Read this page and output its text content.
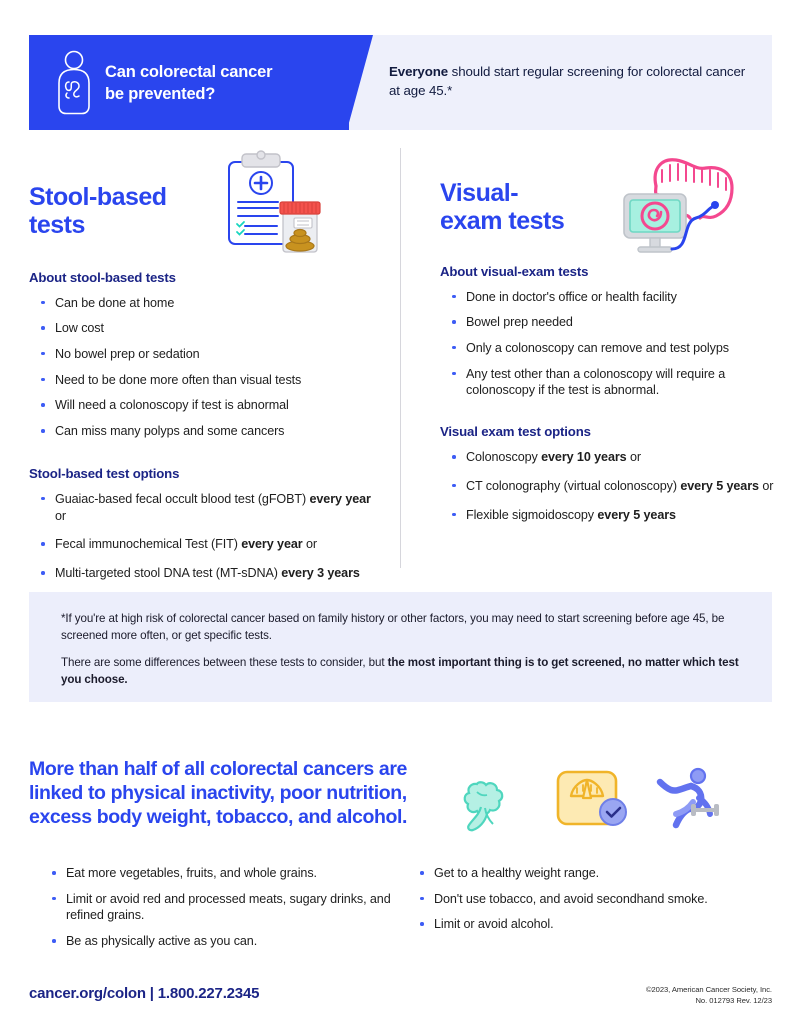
Can colorectal cancer
be prevented?
Everyone should start regular screening for colorectal cancer at age 45.*
Stool-based
tests
About stool-based tests
Can be done at home
Low cost
No bowel prep or sedation
Need to be done more often than visual tests
Will need a colonoscopy if test is abnormal
Can miss many polyps and some cancers
Stool-based test options
Guaiac-based fecal occult blood test (gFOBT) every year or
Fecal immunochemical Test (FIT) every year or
Multi-targeted stool DNA test (MT-sDNA) every 3 years
Visual-
exam tests
About visual-exam tests
Done in doctor's office or health facility
Bowel prep needed
Only a colonoscopy can remove and test polyps
Any test other than a colonoscopy will require a colonoscopy if the test is abnormal.
Visual exam test options
Colonoscopy every 10 years or
CT colonography (virtual colonoscopy) every 5 years or
Flexible sigmoidoscopy every 5 years

*If you're at high risk of colorectal cancer based on family history or other factors, you may need to start screening before age 45, be screened more often, or get specific tests.

There are some differences between these tests to consider, but the most important thing is to get screened, no matter which test you choose.

More than half of all colorectal cancers are linked to physical inactivity, poor nutrition, excess body weight, tobacco, and alcohol.
Eat more vegetables, fruits, and whole grains.
Limit or avoid red and processed meats, sugary drinks, and refined grains.
Be as physically active as you can.
Get to a healthy weight range.
Don't use tobacco, and avoid secondhand smoke.
Limit or avoid alcohol.
cancer.org/colon | 1.800.227.2345	©2023, American Cancer Society, Inc.
No. 012793 Rev. 12/23
